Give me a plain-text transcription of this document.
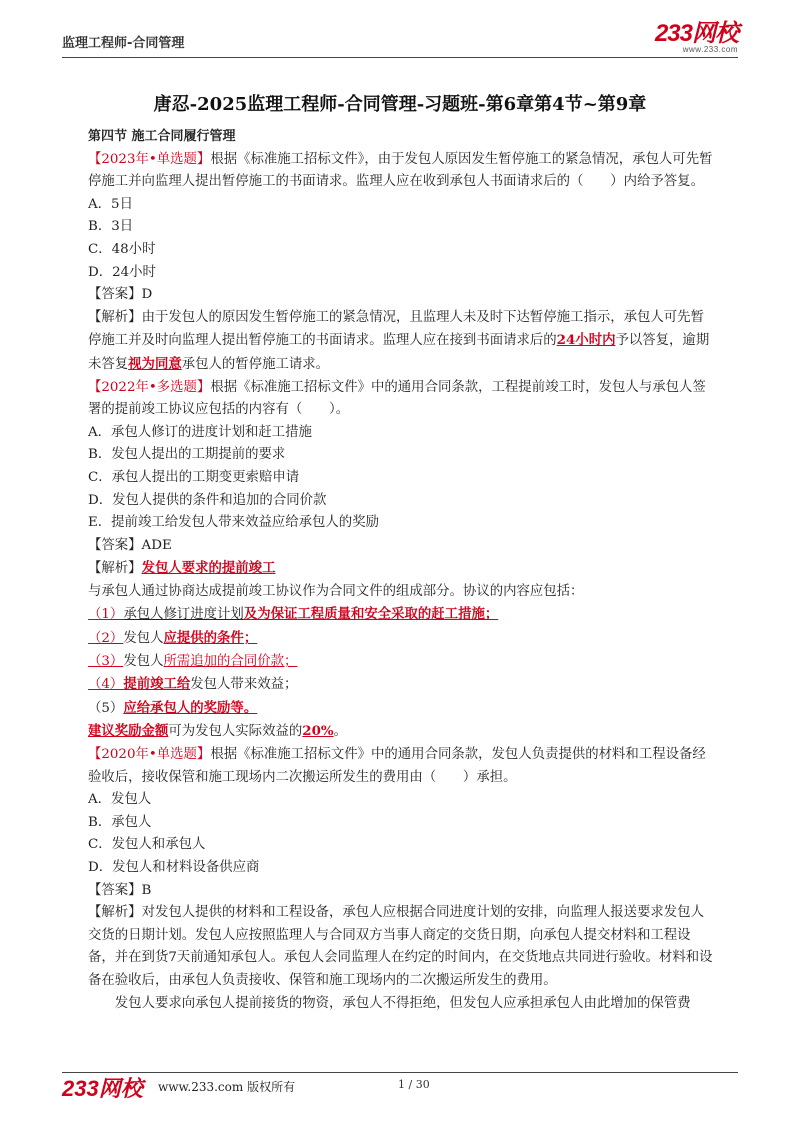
监理工程师-合同管理	233网校
www.233.com
唐忍-2025监理工程师-合同管理-习题班-第6章第4节~第9章

第四节 施工合同履行管理

【2023年•单选题】根据《标准施工招标文件》，由于发包人原因发生暂停施工的紧急情况，承包人可先暂停施工并向监理人提出暂停施工的书面请求。监理人应在收到承包人书面请求后的（　　）内给予答复。

A．5日

B．3日

C．48小时

D．24小时

【答案】D

【解析】由于发包人的原因发生暂停施工的紧急情况，且监理人未及时下达暂停施工指示，承包人可先暂停施工并及时向监理人提出暂停施工的书面请求。监理人应在接到书面请求后的24小时内予以答复，逾期未答复视为同意承包人的暂停施工请求。

【2022年•多选题】根据《标准施工招标文件》中的通用合同条款，工程提前竣工时，发包人与承包人签署的提前竣工协议应包括的内容有（　　）。

A．承包人修订的进度计划和赶工措施

B．发包人提出的工期提前的要求

C．承包人提出的工期变更索赔申请

D．发包人提供的条件和追加的合同价款

E．提前竣工给发包人带来效益应给承包人的奖励

【答案】ADE

【解析】发包人要求的提前竣工

与承包人通过协商达成提前竣工协议作为合同文件的组成部分。协议的内容应包括：

（1）承包人修订进度计划及为保证工程质量和安全采取的赶工措施；

（2）发包人应提供的条件；

（3）发包人所需追加的合同价款；

（4）提前竣工给发包人带来效益；

（5）应给承包人的奖励等。

建议奖励金额可为发包人实际效益的20%。

【2020年•单选题】根据《标准施工招标文件》中的通用合同条款，发包人负责提供的材料和工程设备经验收后，接收保管和施工现场内二次搬运所发生的费用由（　　）承担。

A．发包人

B．承包人

C．发包人和承包人

D．发包人和材料设备供应商

【答案】B

【解析】对发包人提供的材料和工程设备，承包人应根据合同进度计划的安排，向监理人报送要求发包人交货的日期计划。发包人应按照监理人与合同双方当事人商定的交货日期，向承包人提交材料和工程设备，并在到货7天前通知承包人。承包人会同监理人在约定的时间内，在交货地点共同进行验收。材料和设备在验收后，由承包人负责接收、保管和施工现场内的二次搬运所发生的费用。

发包人要求向承包人提前接货的物资，承包人不得拒绝，但发包人应承担承包人由此增加的保管费

233网校 www.233.com 版权所有	1 / 30
